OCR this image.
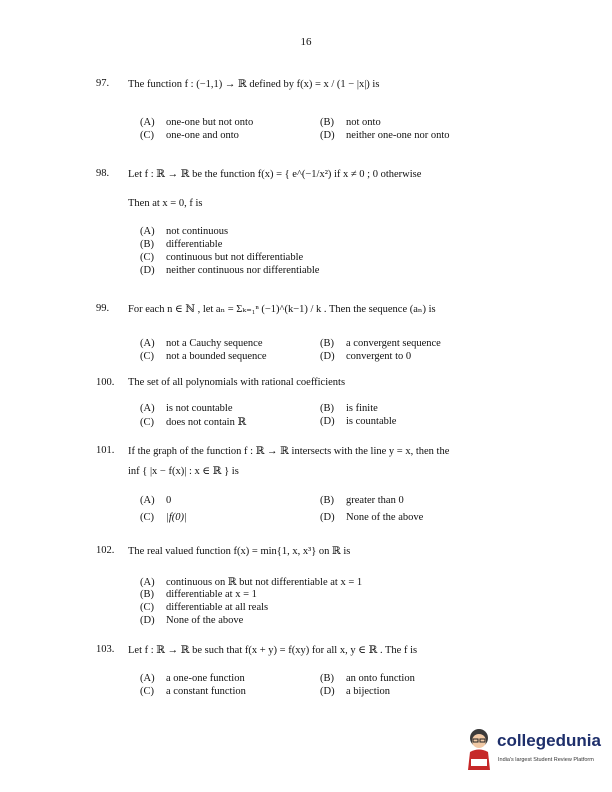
16
97. The function f : (−1,1) → ℝ defined by f(x) = x / (1 − |x|) is
(A) one-one but not onto	(B) not onto
(C) one-one and onto	(D) neither one-one nor onto
98. Let f : ℝ → ℝ be the function f(x) = { e^(−1/x²) if x ≠ 0 ; 0 otherwise
Then at x = 0, f is
(A) not continuous
(B) differentiable
(C) continuous but not differentiable
(D) neither continuous nor differentiable
99. For each n ∈ ℕ , let aₙ = Σₖ₌₁ⁿ (−1)^(k−1) / k . Then the sequence (aₙ) is
(A) not a Cauchy sequence	(B) a convergent sequence
(C) not a bounded sequence	(D) convergent to 0
100. The set of all polynomials with rational coefficients
(A) is not countable	(B) is finite
(C) does not contain ℝ	(D) is countable
101. If the graph of the function f : ℝ → ℝ intersects with the line y = x, then the
inf { |x − f(x)| : x ∈ ℝ } is
(A) 0	(B) greater than 0
(C) |f(0)|	(D) None of the above
102. The real valued function f(x) = min{1, x, x³} on ℝ is
(A) continuous on ℝ but not differentiable at x = 1
(B) differentiable at x = 1
(C) differentiable at all reals
(D) None of the above
103. Let f : ℝ → ℝ be such that f(x + y) = f(xy) for all x, y ∈ ℝ . The f is
(A) a one-one function	(B) an onto function
(C) a constant function	(D) a bijection
collegedunia
India's largest Student Review Platform
